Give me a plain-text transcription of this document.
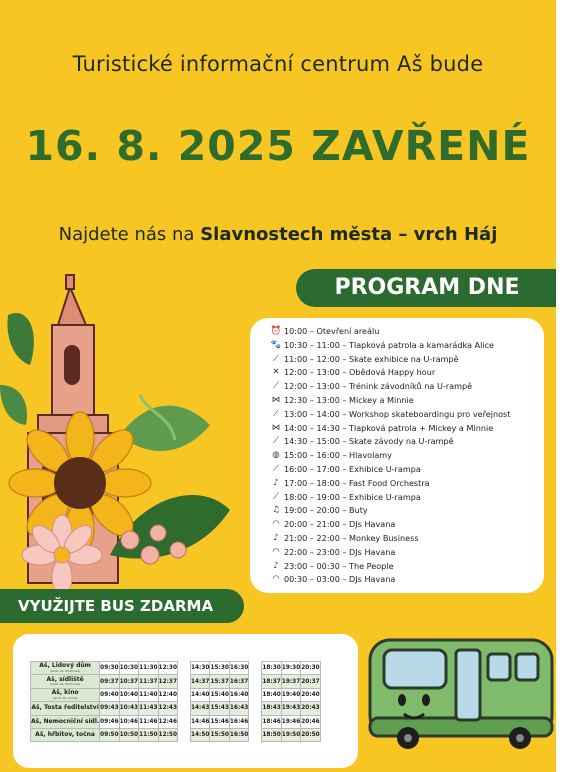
Turistické informační centrum Aš bude
16. 8. 2025 ZAVŘENÉ
Najdete nás na Slavnostech města – vrch Háj
PROGRAM DNE
⏰ 10:00 – Otevření areálu
🐾 10:30 – 11:00 – Tlapková patrola a kamarádka Alice
⟋ 11:00 – 12:00 – Skate exhibice na U-rampě
✕ 12:00 – 13:00 – Obědová Happy hour
⟋ 12:00 – 13:00 – Trénink závodníků na U-rampě
⋈ 12:30 – 13:00 – Mickey a Minnie
⟋ 13:00 – 14:00 – Workshop skateboardingu pro veřejnost
⋈ 14:00 – 14:30 – Tlapková patrola + Mickey a Minnie
⟋ 14:30 – 15:00 – Skate závody na U-rampě
◍ 15:00 – 16:00 – Hlavolamy
⟋ 16:00 – 17:00 – Exhibice U-rampa
♪ 17:00 – 18:00 – Fast Food Orchestra
⟋ 18:00 – 19:00 – Exhibice U-rampa
♫ 19:00 – 20:00 – Buty
◠ 20:00 – 21:00 – DJs Havana
♪ 21:00 – 22:00 – Monkey Business
◠ 22:00 – 23:00 – DJs Havana
♪ 23:00 – 00:30 – The People
◠ 00:30 – 03:00 – DJs Havana
VYUŽIJTE BUS ZDARMA
Aš, Lidový dům
(směr Aš, Elektrosa)	09:30	10:30	11:30	12:30		14:30	15:30	16:30		18:30	19:30	20:30
Aš, sídliště
(směr Aš, Elektrosa)	09:37	10:37	11:37	12:37		14:37	15:37	16:37		18:37	19:37	20:37
Aš, kino
(směr Aš, točna)	09:40	10:40	11:40	12:40		14:40	15:40	16:40		18:40	19:40	20:40
Aš, Tosta ředitelství	09:43	10:43	11:43	12:43		14:43	15:43	16:43		18:43	19:43	20:43
Aš, Nemocniční sídl.	09:46	10:46	11:46	12:46		14:46	15:46	16:46		18:46	19:46	20:46
Aš, hřbitov, točna	09:50	10:50	11:50	12:50		14:50	15:50	16:50		18:50	19:50	20:50
